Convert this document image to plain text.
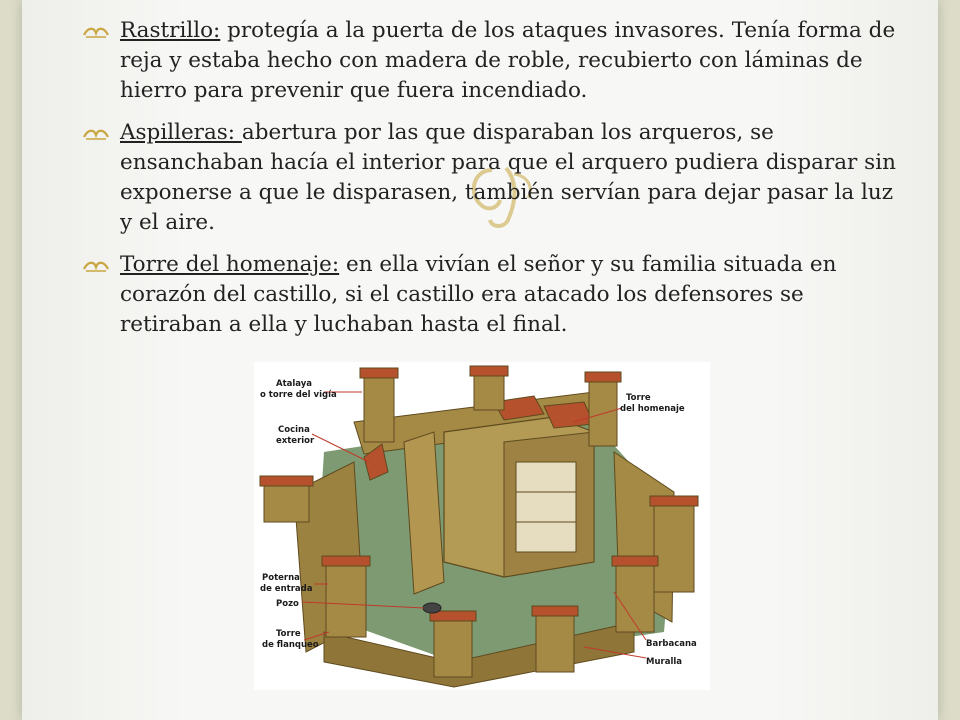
Rastrillo: protegía a la puerta de los ataques invasores. Tenía forma de reja y estaba hecho con madera de roble, recubierto con láminas de hierro para prevenir que fuera incendiado.
Aspilleras: abertura por las que disparaban los arqueros, se ensanchaban hacía el interior para que el arquero pudiera disparar sin exponerse a que le disparasen, también servían para dejar pasar la luz y el aire.
Torre del homenaje: en ella vivían el señor y su familia situada en corazón del castillo, si el castillo era atacado los defensores se retiraban a ella y luchaban hasta el final.
Atalaya
o torre del vigía
Cocina
exterior
Torre
del homenaje
Poterna
de entrada
Pozo
Torre
de flanqueo	Barbacana
Muralla
